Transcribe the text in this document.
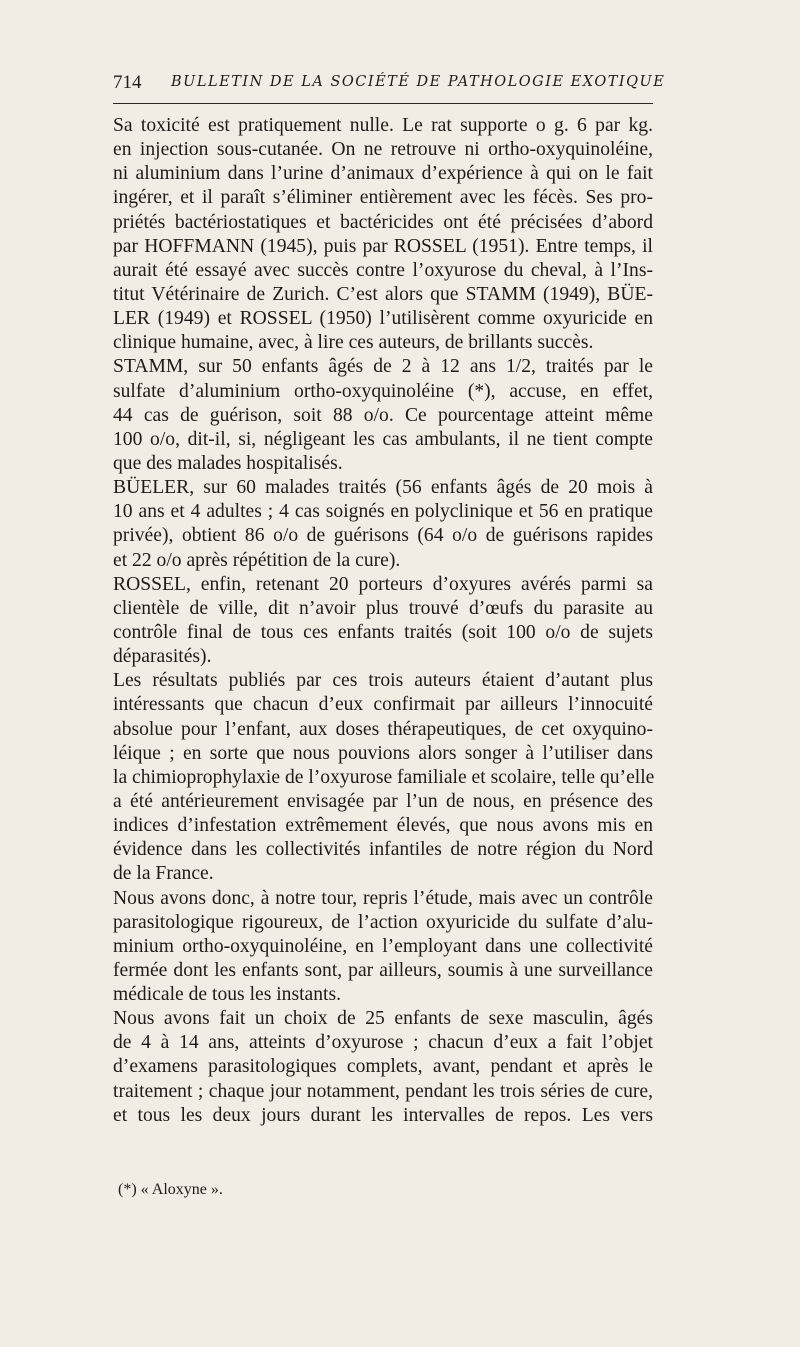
714 BULLETIN DE LA SOCIÉTÉ DE PATHOLOGIE EXOTIQUE
Sa toxicité est pratiquement nulle. Le rat supporte o g. 6 par kg.
en injection sous-cutanée. On ne retrouve ni ortho-oxyquinoléine,
ni aluminium dans l’urine d’animaux d’expérience à qui on le fait
ingérer, et il paraît s’éliminer entièrement avec les fécès. Ses pro-
priétés bactériostatiques et bactéricides ont été précisées d’abord
par HOFFMANN (1945), puis par ROSSEL (1951). Entre temps, il
aurait été essayé avec succès contre l’oxyurose du cheval, à l’Ins-
titut Vétérinaire de Zurich. C’est alors que STAMM (1949), BÜE-
LER (1949) et ROSSEL (1950) l’utilisèrent comme oxyuricide en
clinique humaine, avec, à lire ces auteurs, de brillants succès.
STAMM, sur 50 enfants âgés de 2 à 12 ans 1/2, traités par le
sulfate d’aluminium ortho-oxyquinoléine (*), accuse, en effet,
44 cas de guérison, soit 88 o/o. Ce pourcentage atteint même
100 o/o, dit-il, si, négligeant les cas ambulants, il ne tient compte
que des malades hospitalisés.
BÜELER, sur 60 malades traités (56 enfants âgés de 20 mois à
10 ans et 4 adultes ; 4 cas soignés en polyclinique et 56 en pratique
privée), obtient 86 o/o de guérisons (64 o/o de guérisons rapides
et 22 o/o après répétition de la cure).
ROSSEL, enfin, retenant 20 porteurs d’oxyures avérés parmi sa
clientèle de ville, dit n’avoir plus trouvé d’œufs du parasite au
contrôle final de tous ces enfants traités (soit 100 o/o de sujets
déparasités).
Les résultats publiés par ces trois auteurs étaient d’autant plus
intéressants que chacun d’eux confirmait par ailleurs l’innocuité
absolue pour l’enfant, aux doses thérapeutiques, de cet oxyquino-
léique ; en sorte que nous pouvions alors songer à l’utiliser dans
la chimioprophylaxie de l’oxyurose familiale et scolaire, telle qu’elle
a été antérieurement envisagée par l’un de nous, en présence des
indices d’infestation extrêmement élevés, que nous avons mis en
évidence dans les collectivités infantiles de notre région du Nord
de la France.
Nous avons donc, à notre tour, repris l’étude, mais avec un contrôle
parasitologique rigoureux, de l’action oxyuricide du sulfate d’alu-
minium ortho-oxyquinoléine, en l’employant dans une collectivité
fermée dont les enfants sont, par ailleurs, soumis à une surveillance
médicale de tous les instants.
Nous avons fait un choix de 25 enfants de sexe masculin, âgés
de 4 à 14 ans, atteints d’oxyurose ; chacun d’eux a fait l’objet
d’examens parasitologiques complets, avant, pendant et après le
traitement ; chaque jour notamment, pendant les trois séries de cure,
et tous les deux jours durant les intervalles de repos. Les vers
(*) « Aloxyne ».
